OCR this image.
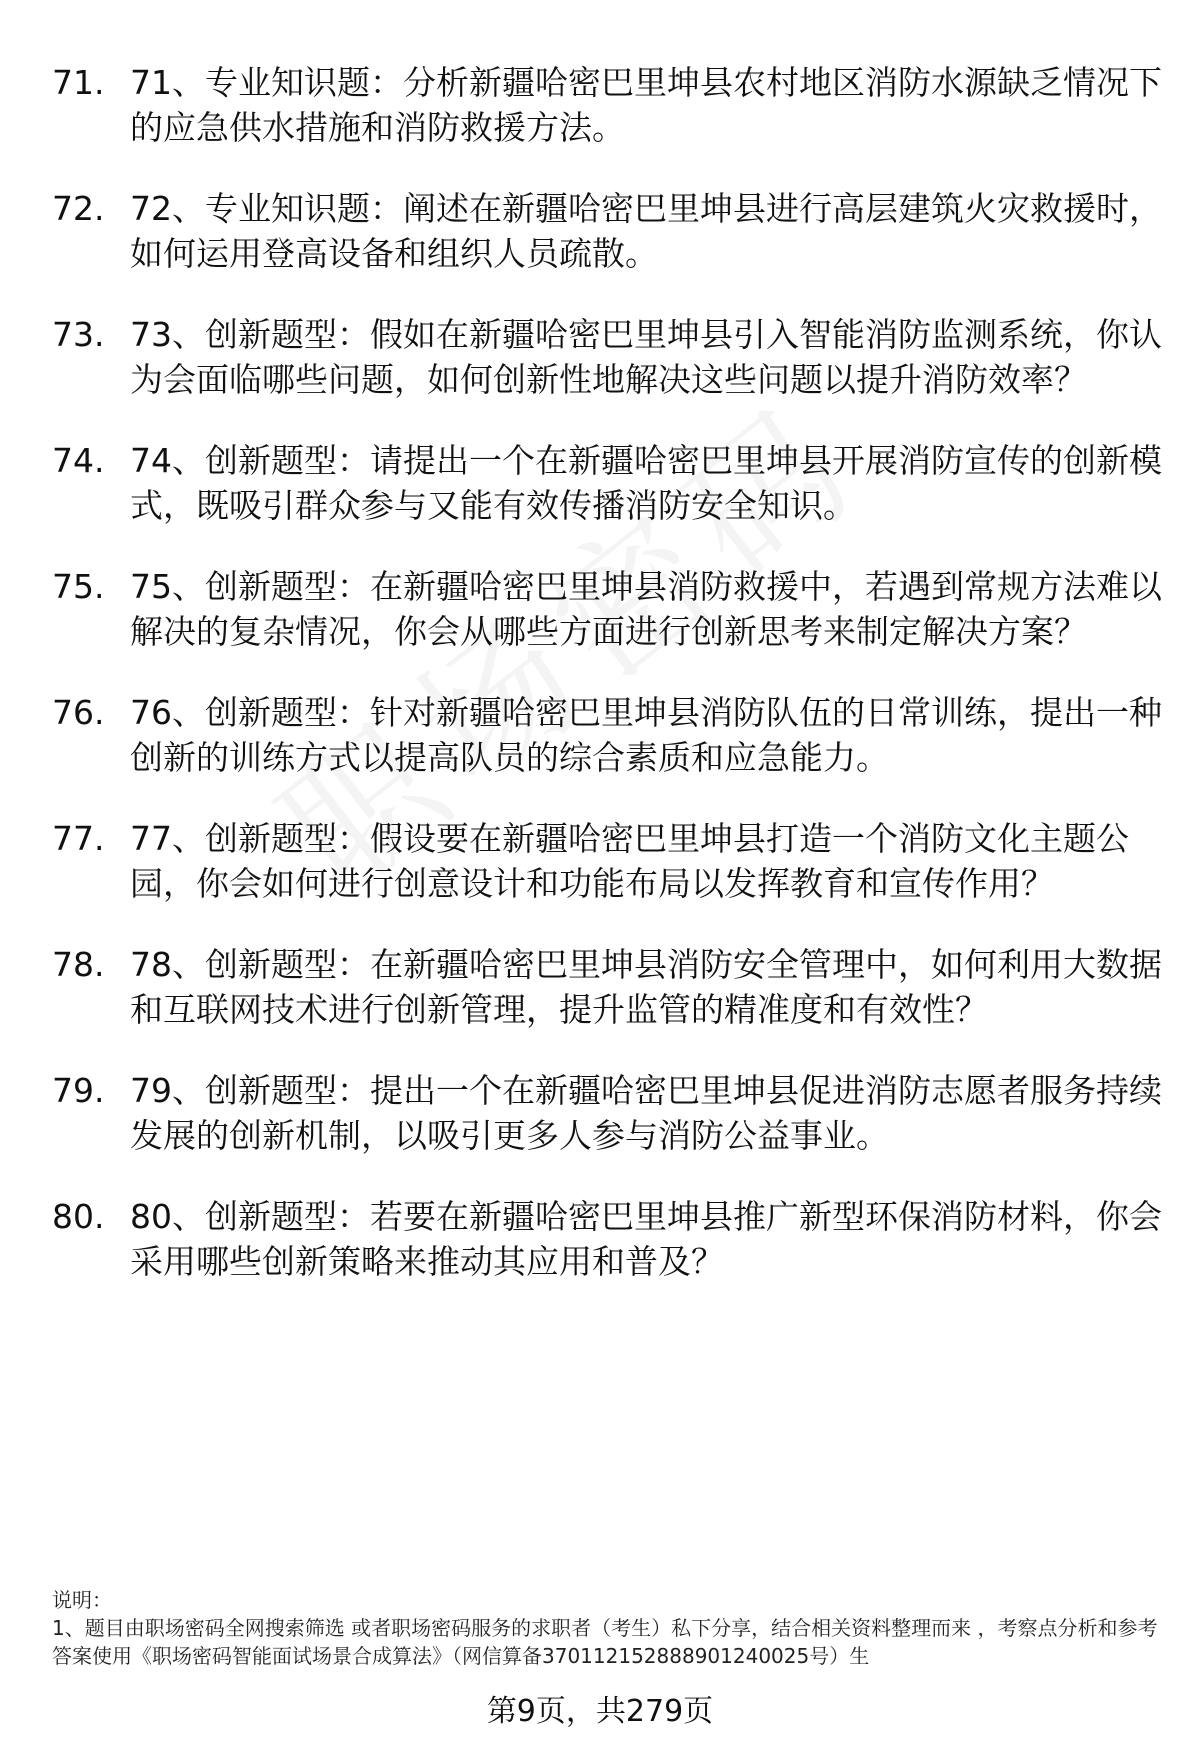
71. 71、专业知识题：分析新疆哈密巴里坤县农村地区消防水源缺乏情况下的应急供水措施和消防救援方法。
72. 72、专业知识题：阐述在新疆哈密巴里坤县进行高层建筑火灾救援时，如何运用登高设备和组织人员疏散。
73. 73、创新题型：假如在新疆哈密巴里坤县引入智能消防监测系统，你认为会面临哪些问题，如何创新性地解决这些问题以提升消防效率？
74. 74、创新题型：请提出一个在新疆哈密巴里坤县开展消防宣传的创新模式，既吸引群众参与又能有效传播消防安全知识。
75. 75、创新题型：在新疆哈密巴里坤县消防救援中，若遇到常规方法难以解决的复杂情况，你会从哪些方面进行创新思考来制定解决方案？
76. 76、创新题型：针对新疆哈密巴里坤县消防队伍的日常训练，提出一种创新的训练方式以提高队员的综合素质和应急能力。
77. 77、创新题型：假设要在新疆哈密巴里坤县打造一个消防文化主题公园，你会如何进行创意设计和功能布局以发挥教育和宣传作用？
78. 78、创新题型：在新疆哈密巴里坤县消防安全管理中，如何利用大数据和互联网技术进行创新管理，提升监管的精准度和有效性？
79. 79、创新题型：提出一个在新疆哈密巴里坤县促进消防志愿者服务持续发展的创新机制，以吸引更多人参与消防公益事业。
80. 80、创新题型：若要在新疆哈密巴里坤县推广新型环保消防材料，你会采用哪些创新策略来推动其应用和普及？

说明：

1、题目由职场密码全网搜索筛选 或者职场密码服务的求职者（考生）私下分享，结合相关资料整理而来 ，考察点分析和参考答案使用《职场密码智能面试场景合成算法》（网信算备370112152888901240025号）生

第9页，共279页
